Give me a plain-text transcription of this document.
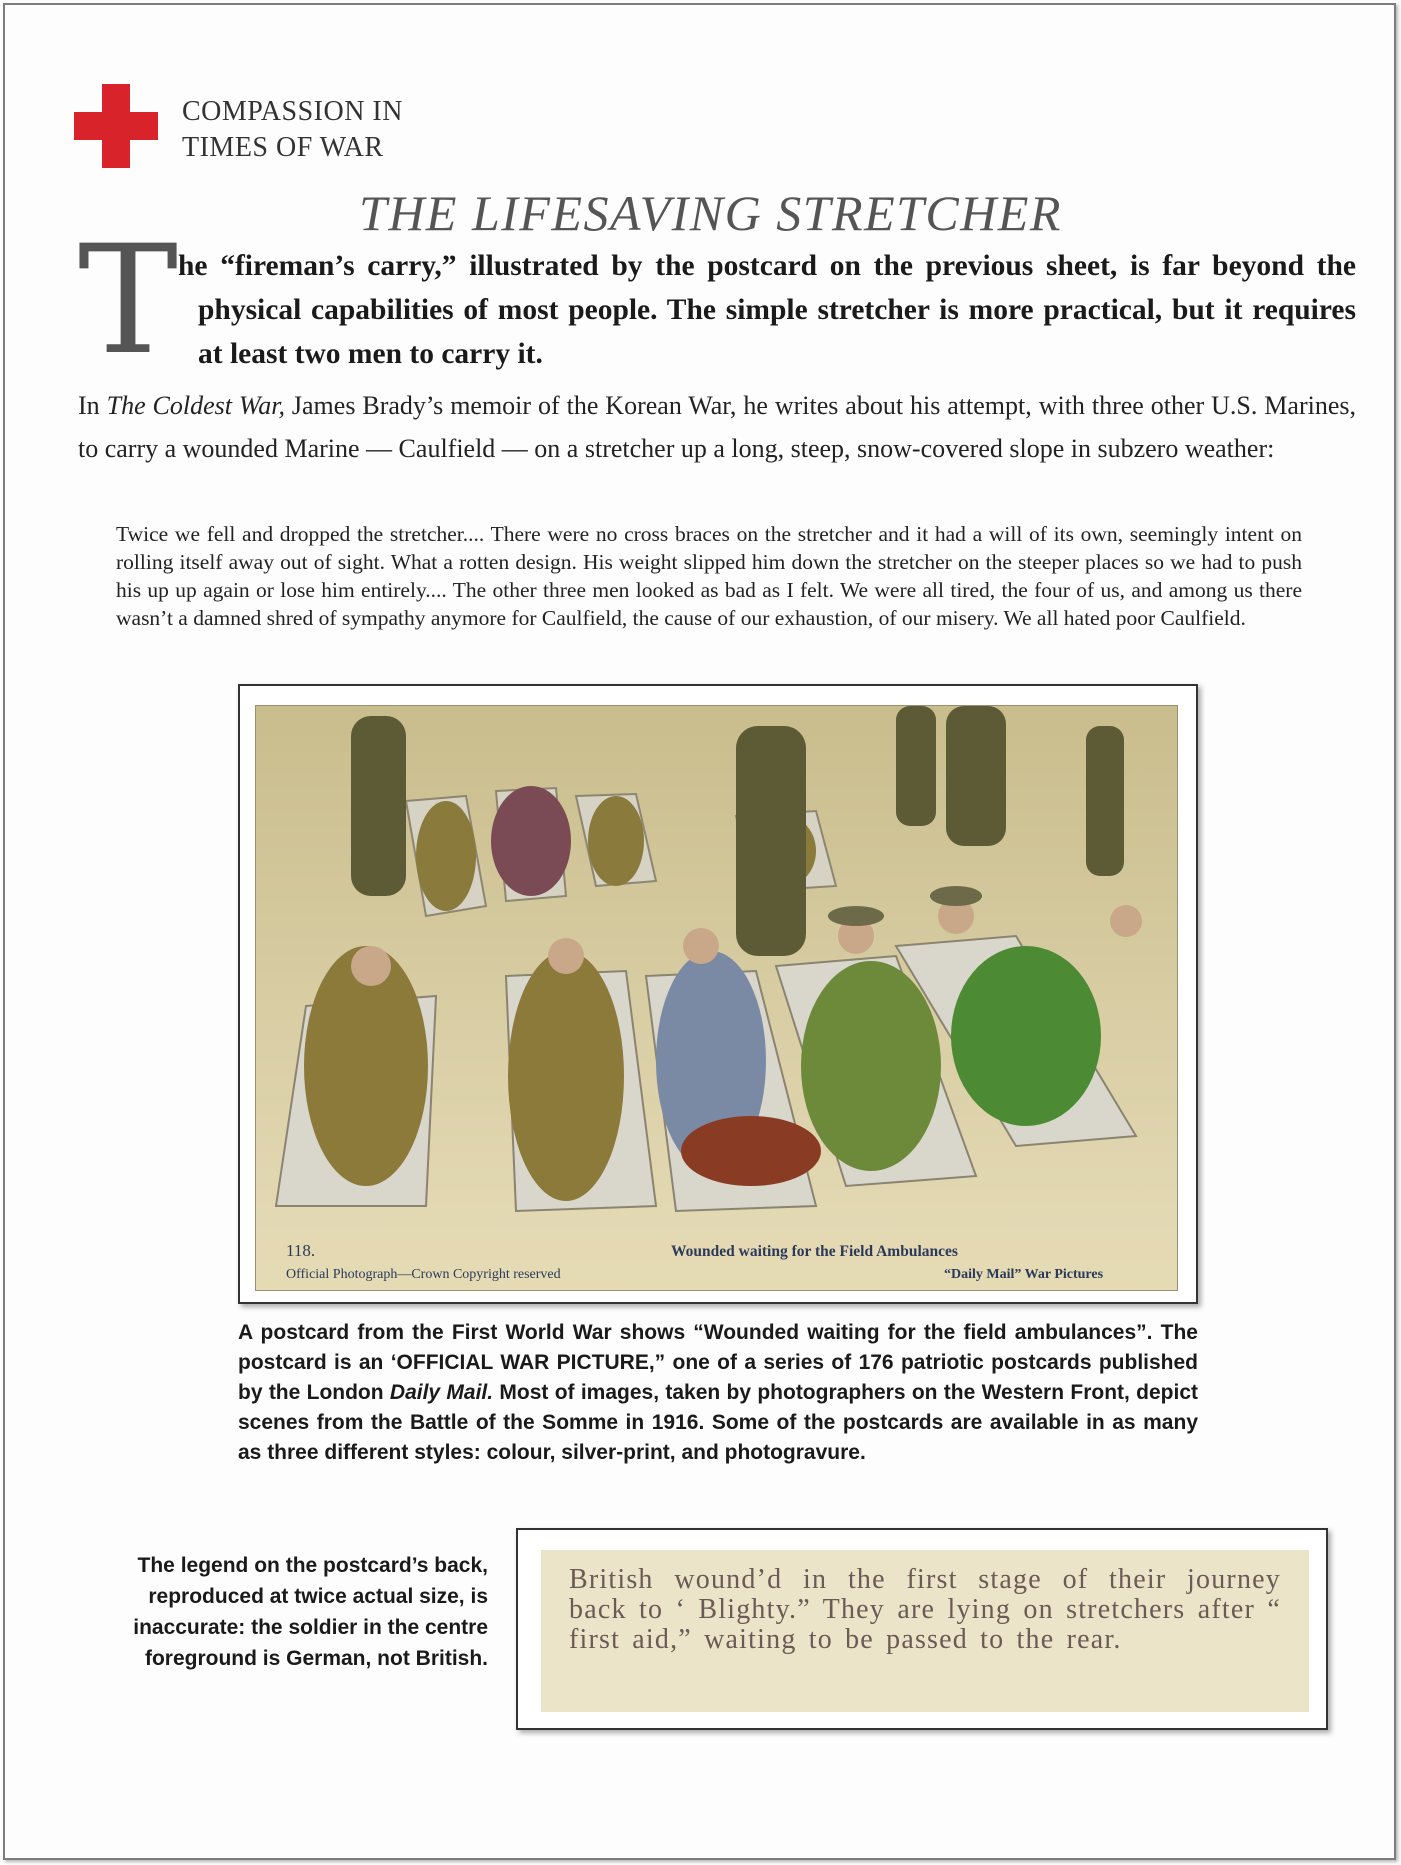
COMPASSION IN
TIMES OF WAR
THE LIFESAVING STRETCHER
T he “fireman’s carry,” illustrated by the postcard on the previous sheet, is far beyond the physical capabilities of most people. The simple stretcher is more practical, but it requires at least two men to carry it.
In The Coldest War, James Brady’s memoir of the Korean War, he writes about his attempt, with three other U.S. Marines, to carry a wounded Marine — Caulfield — on a stretcher up a long, steep, snow-covered slope in subzero weather:
Twice we fell and dropped the stretcher.... There were no cross braces on the stretcher and it had a will of its own, seemingly intent on rolling itself away out of sight. What a rotten design. His weight slipped him down the stretcher on the steeper places so we had to push his up up again or lose him entirely.... The other three men looked as bad as I felt. We were all tired, the four of us, and among us there wasn’t a damned shred of sympathy anymore for Caulfield, the cause of our exhaustion, of our misery. We all hated poor Caulfield.
118.	Wounded waiting for the Field Ambulances
Official Photograph—Crown Copyright reserved	“Daily Mail” War Pictures
A postcard from the First World War shows “Wounded waiting for the field ambulances”. The postcard is an ‘OFFICIAL WAR PICTURE,” one of a series of 176 patriotic postcards published by the London Daily Mail. Most of images, taken by photographers on the Western Front, depict scenes from the Battle of the Somme in 1916. Some of the postcards are available in as many as three different styles: colour, silver-print, and photogravure.
The legend on the postcard’s back, reproduced at twice actual size, is inaccurate: the soldier in the centre foreground is German, not British.
British wound’d in the first stage of their journey back to ‘ Blighty.” They are lying on stretchers after “ first aid,” waiting to be passed to the rear.
